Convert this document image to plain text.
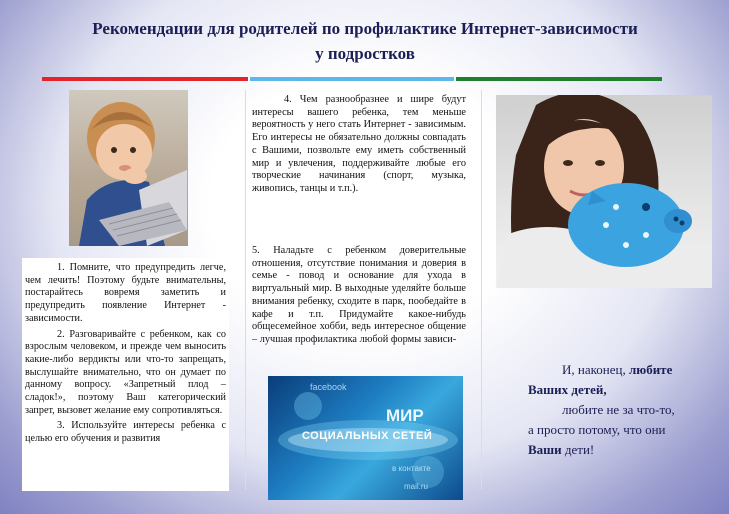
Рекомендации для родителей по профилактике Интернет-зависимости
у подростков

1. Помните, что предупредить легче, чем лечить! Поэтому будьте внимательны, постарайтесь вовремя заметить и предупредить появление Интернет - зависимости.

2. Разговаривайте с ребенком, как со взрослым человеком, и прежде чем выносить какие-либо вердикты или что-то запрещать, выслушайте внимательно, что он думает по данному вопросу. «Запретный плод – сладок!», поэтому Ваш категорический запрет, вызовет желание ему сопротивляться.

3. Используйте интересы ребенка с целью его обучения и развития

4. Чем разнообразнее и шире будут интересы вашего ребенка, тем меньше вероятность у него стать Интернет - зависимым. Его интересы не обязательно должны совпадать с Вашими, позвольте ему иметь собственный мир и увлечения, поддерживайте любые его творческие начинания (спорт, музыка, живопись, танцы и т.п.).

5. Наладьте с ребенком доверительные отношения, отсутствие понимания и доверия в семье - повод и основание для ухода в виртуальный мир. В выходные уделяйте больше внимания ребенку, сходите в парк, пообедайте в кафе и т.п. Придумайте какое-нибудь общесемейное хобби, ведь интересное общение – лучшая профилактика любой формы зависи-

facebook
МИР
СОЦИАЛЬНЫХ СЕТЕЙ
в контакте
mail.ru
И, наконец, любите
Ваших детей,
любите не за что-то,
а просто потому, что они
Ваши дети!
